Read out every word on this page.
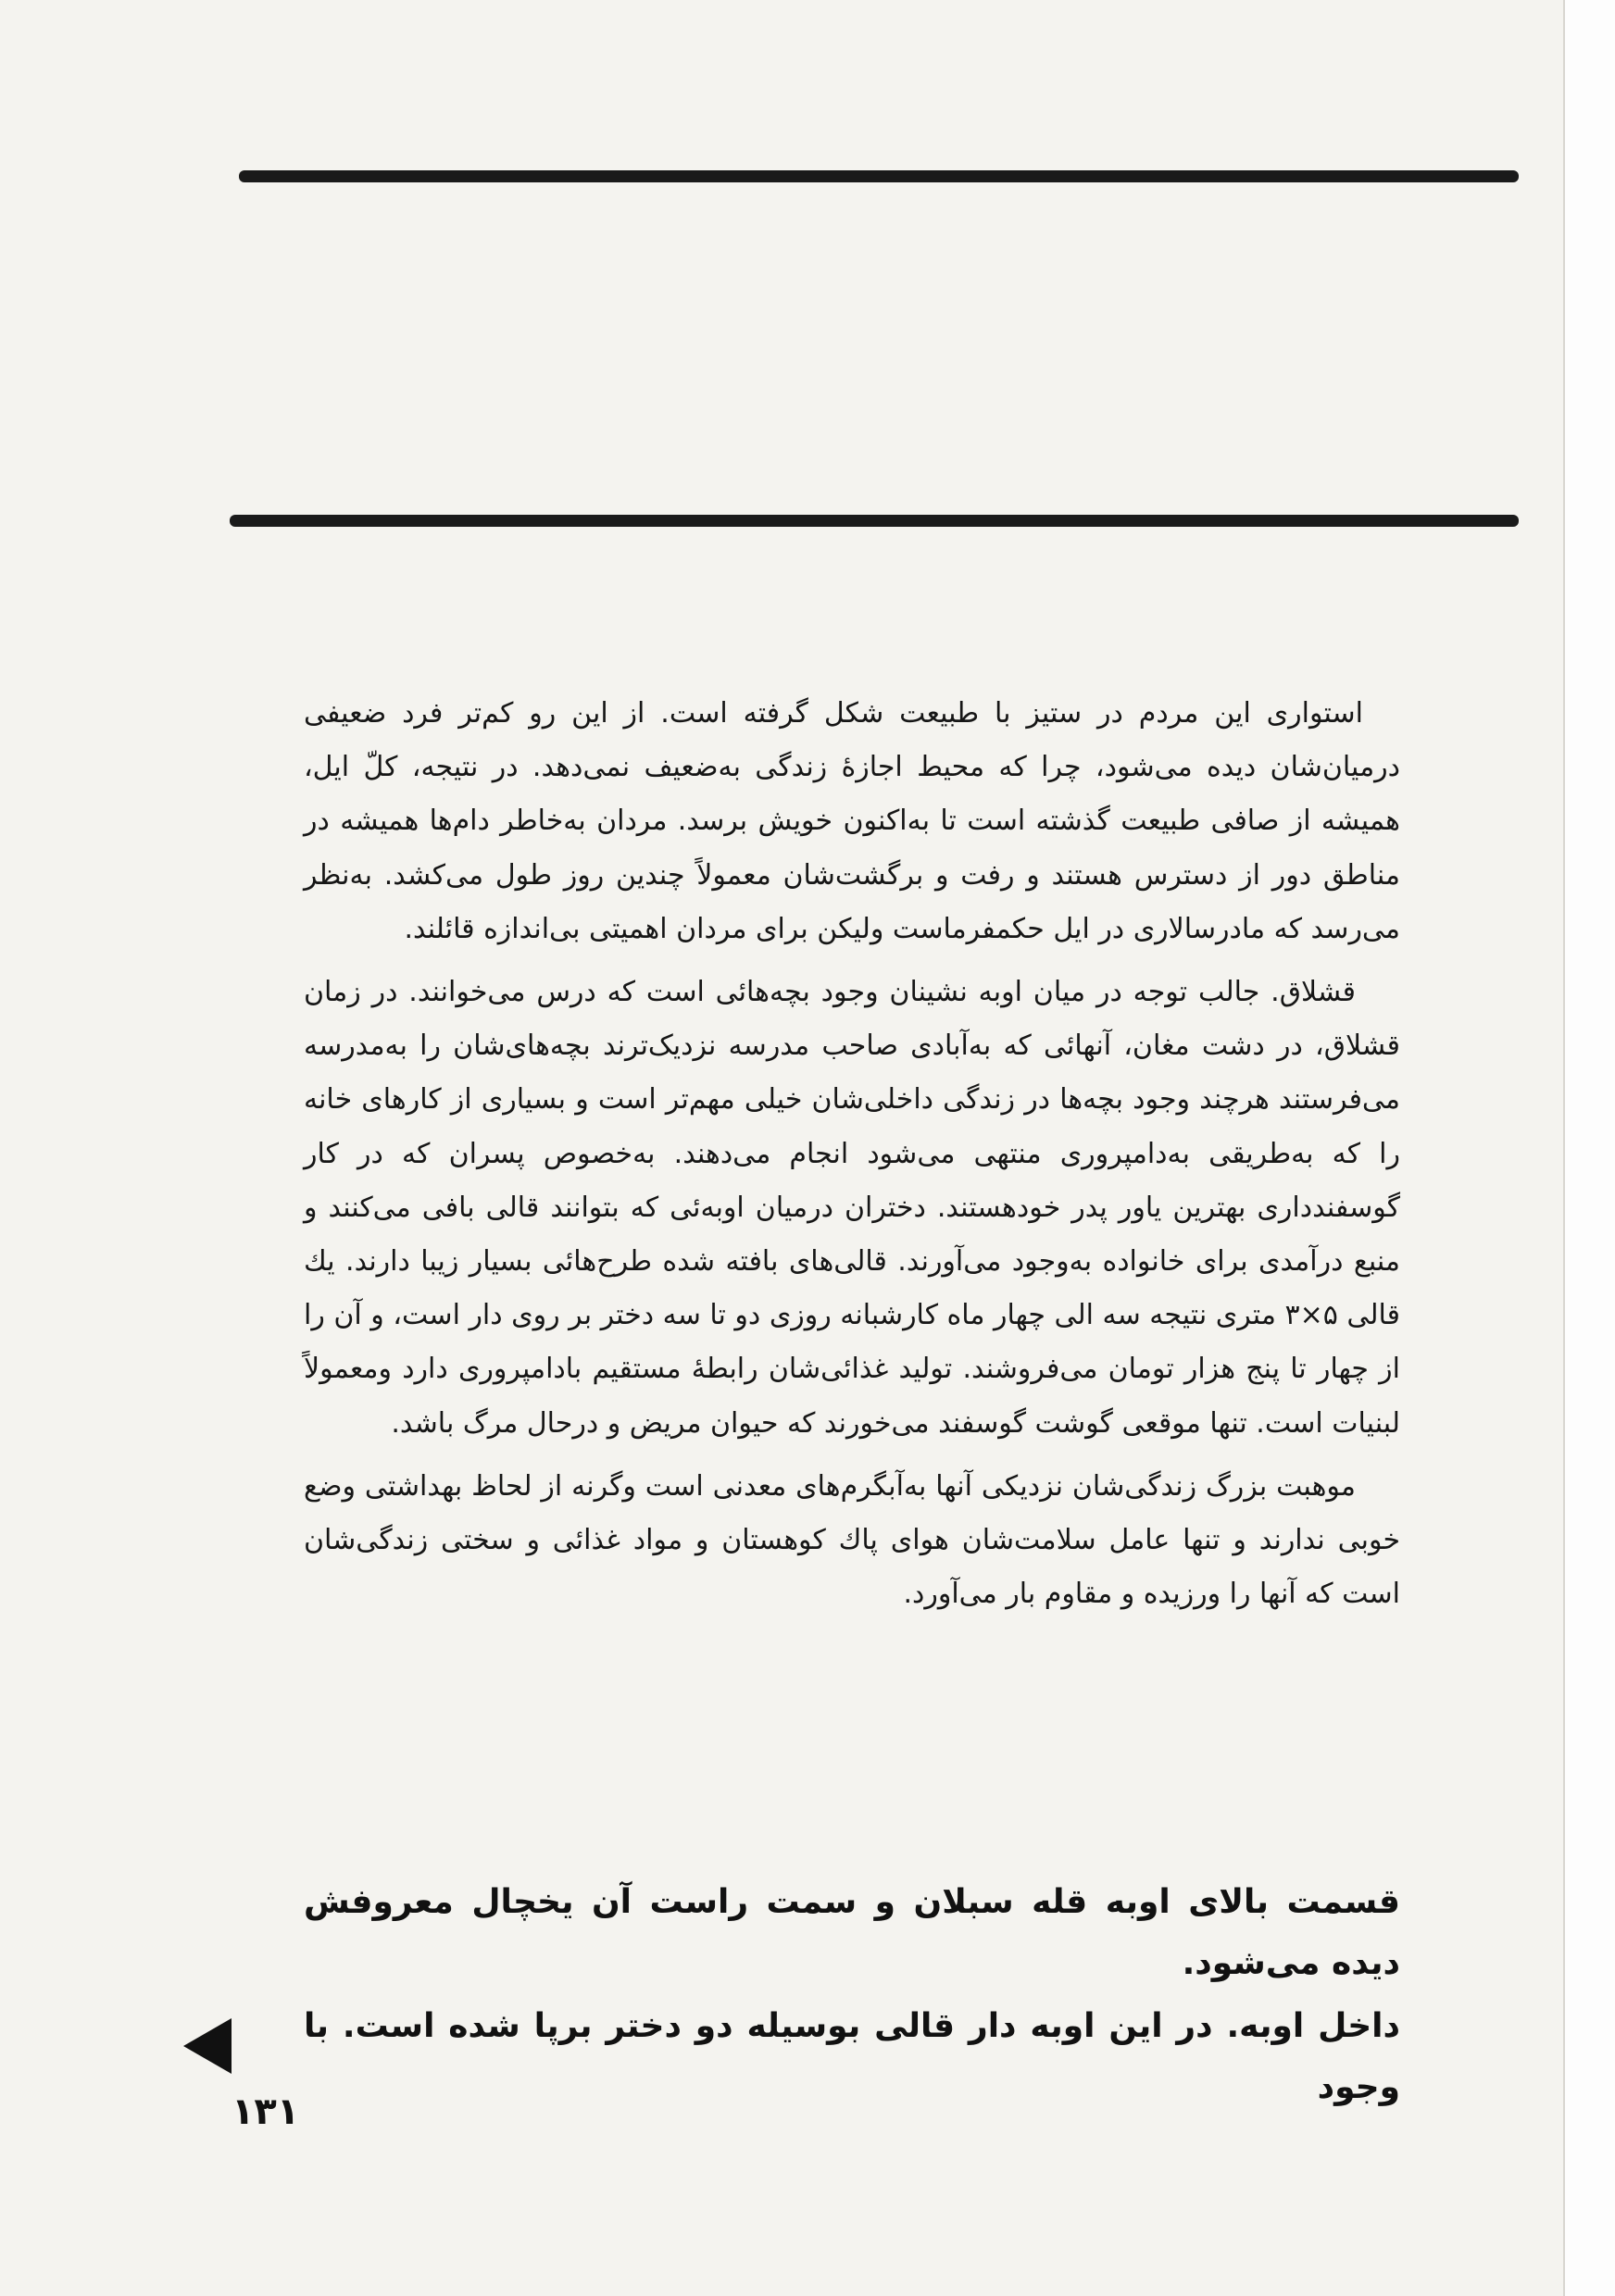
استواری این مردم در ستیز با طبیعت شکل گرفته است. از این رو کم‌تر فرد ضعیفی درمیان‌شان دیده می‌شود، چرا که محیط اجازهٔ زندگی به‌ضعیف نمی‌دهد. در نتیجه، کلّ ایل، همیشه از صافی طبیعت گذشته است تا به‌اکنون خویش برسد. مردان به‌خاطر دام‌ها همیشه در مناطق دور از دسترس هستند و رفت و برگشت‌شان معمولاً چندین روز طول می‌کشد. به‌نظر می‌رسد که مادرسالاری در ایل حکمفرماست ولیکن برای مردان اهمیتی بی‌اندازه قائلند.

قشلاق. جالب توجه در میان اوبه نشینان وجود بچه‌هائی است که درس می‌خوانند. در زمان قشلاق، در دشت مغان، آنهائی که به‌آبادی صاحب مدرسه نزدیک‌ترند بچه‌های‌شان را به‌مدرسه می‌فرستند هرچند وجود بچه‌ها در زندگی داخلی‌شان خیلی مهم‌تر است و بسیاری از کارهای خانه را که به‌طریقی به‌دامپروری منتهی می‌شود انجام می‌دهند. به‌خصوص پسران که در کار گوسفندداری بهترین یاور پدر خودهستند. دختران درمیان اوبه‌ئی که بتوانند قالی بافی می‌کنند و منبع درآمدی برای خانواده به‌وجود می‌آورند. قالی‌های بافته شده طرح‌هائی بسیار زیبا دارند. یك قالی ۵×۳ متری نتیجه سه الی چهار ماه کارشبانه روزی دو تا سه دختر بر روی دار است، و آن را از چهار تا پنج هزار تومان می‌فروشند. تولید غذائی‌شان رابطهٔ مستقیم بادامپروری دارد ومعمولاً لبنیات است. تنها موقعی گوشت گوسفند می‌خورند که حیوان مریض و درحال مرگ باشد.

موهبت بزرگ زندگی‌شان نزدیکی آنها به‌آبگرم‌های معدنی است وگرنه از لحاظ بهداشتی وضع خوبی ندارند و تنها عامل سلامت‌شان هوای پاك کوهستان و مواد غذائی و سختی زندگی‌شان است که آنها را ورزیده و مقاوم بار می‌آورد.

قسمت بالای اوبه قله سبلان و سمت راست آن یخچال معروفش دیده می‌شود.

داخل اوبه. در این اوبه دار قالی بوسیله دو دختر برپا شده است. با وجود

۱۳۱
